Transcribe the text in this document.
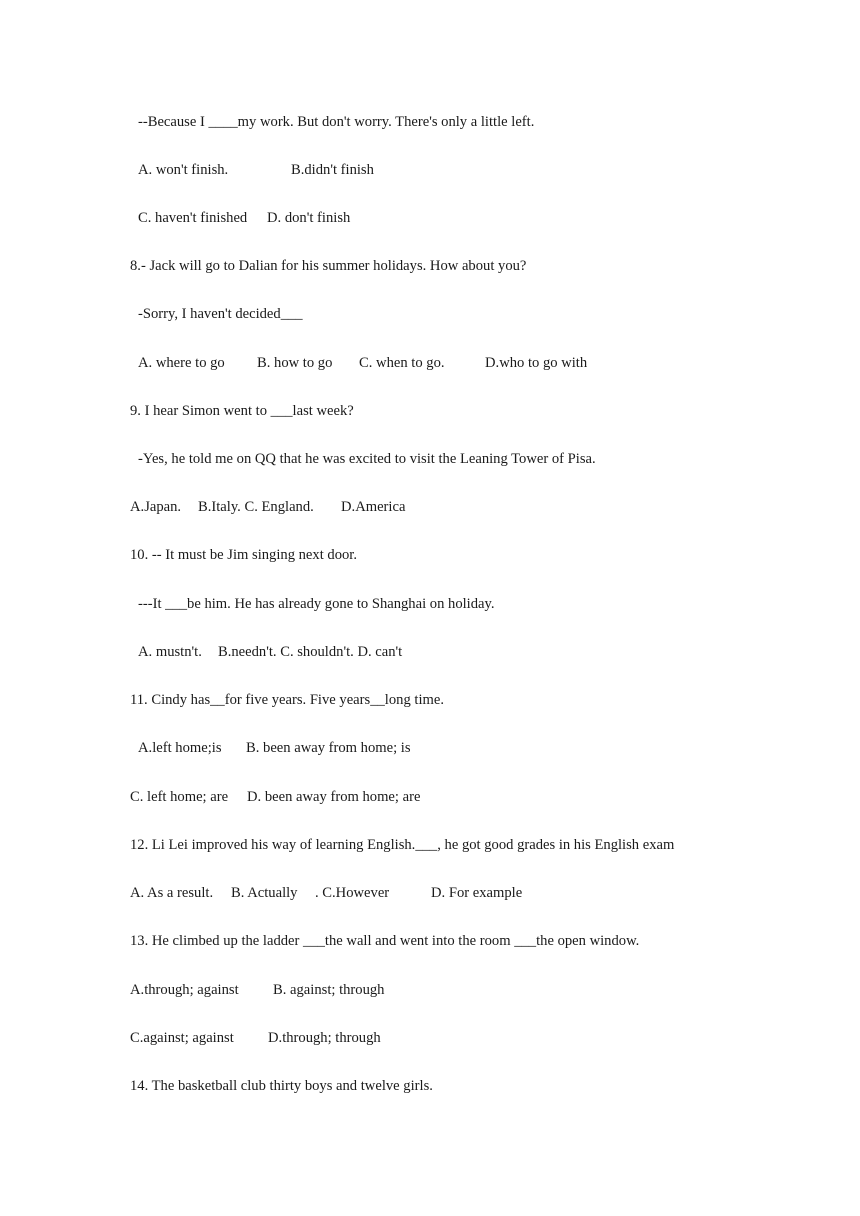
--Because I ____my work. But don't worry. There's only a little left.

A. won't finish.

	B.didn't finish

C. haven't finished

D. don't finish

8.- Jack will go to Dalian for his summer holidays. How about you?

-Sorry, I haven't decided___

A. where to go

B. how to go

C. when to go.

	D.who to go with

9. I hear Simon went to ___last week?

-Yes, he told me on QQ that he was excited to visit the Leaning Tower of Pisa.

A.Japan.

B.Italy. C. England.

D.America

10. -- It must be Jim singing next door.

---It ___be him. He has already gone to Shanghai on holiday.

A. mustn't.

B.needn't. C. shouldn't. D. can't

11. Cindy has__for five years. Five years__long time.

A.left home;is

B. been away from home; is

C. left home; are

D. been away from home; are

12. Li Lei improved his way of learning English.___, he got good grades in his English exam

A. As a result.

B. Actually

. C.However

	D. For example

13. He climbed up the ladder ___the wall and went into the room ___the open window.

A.through; against

B. against; through

C.against; against

D.through; through

14. The basketball club thirty boys and twelve girls.
